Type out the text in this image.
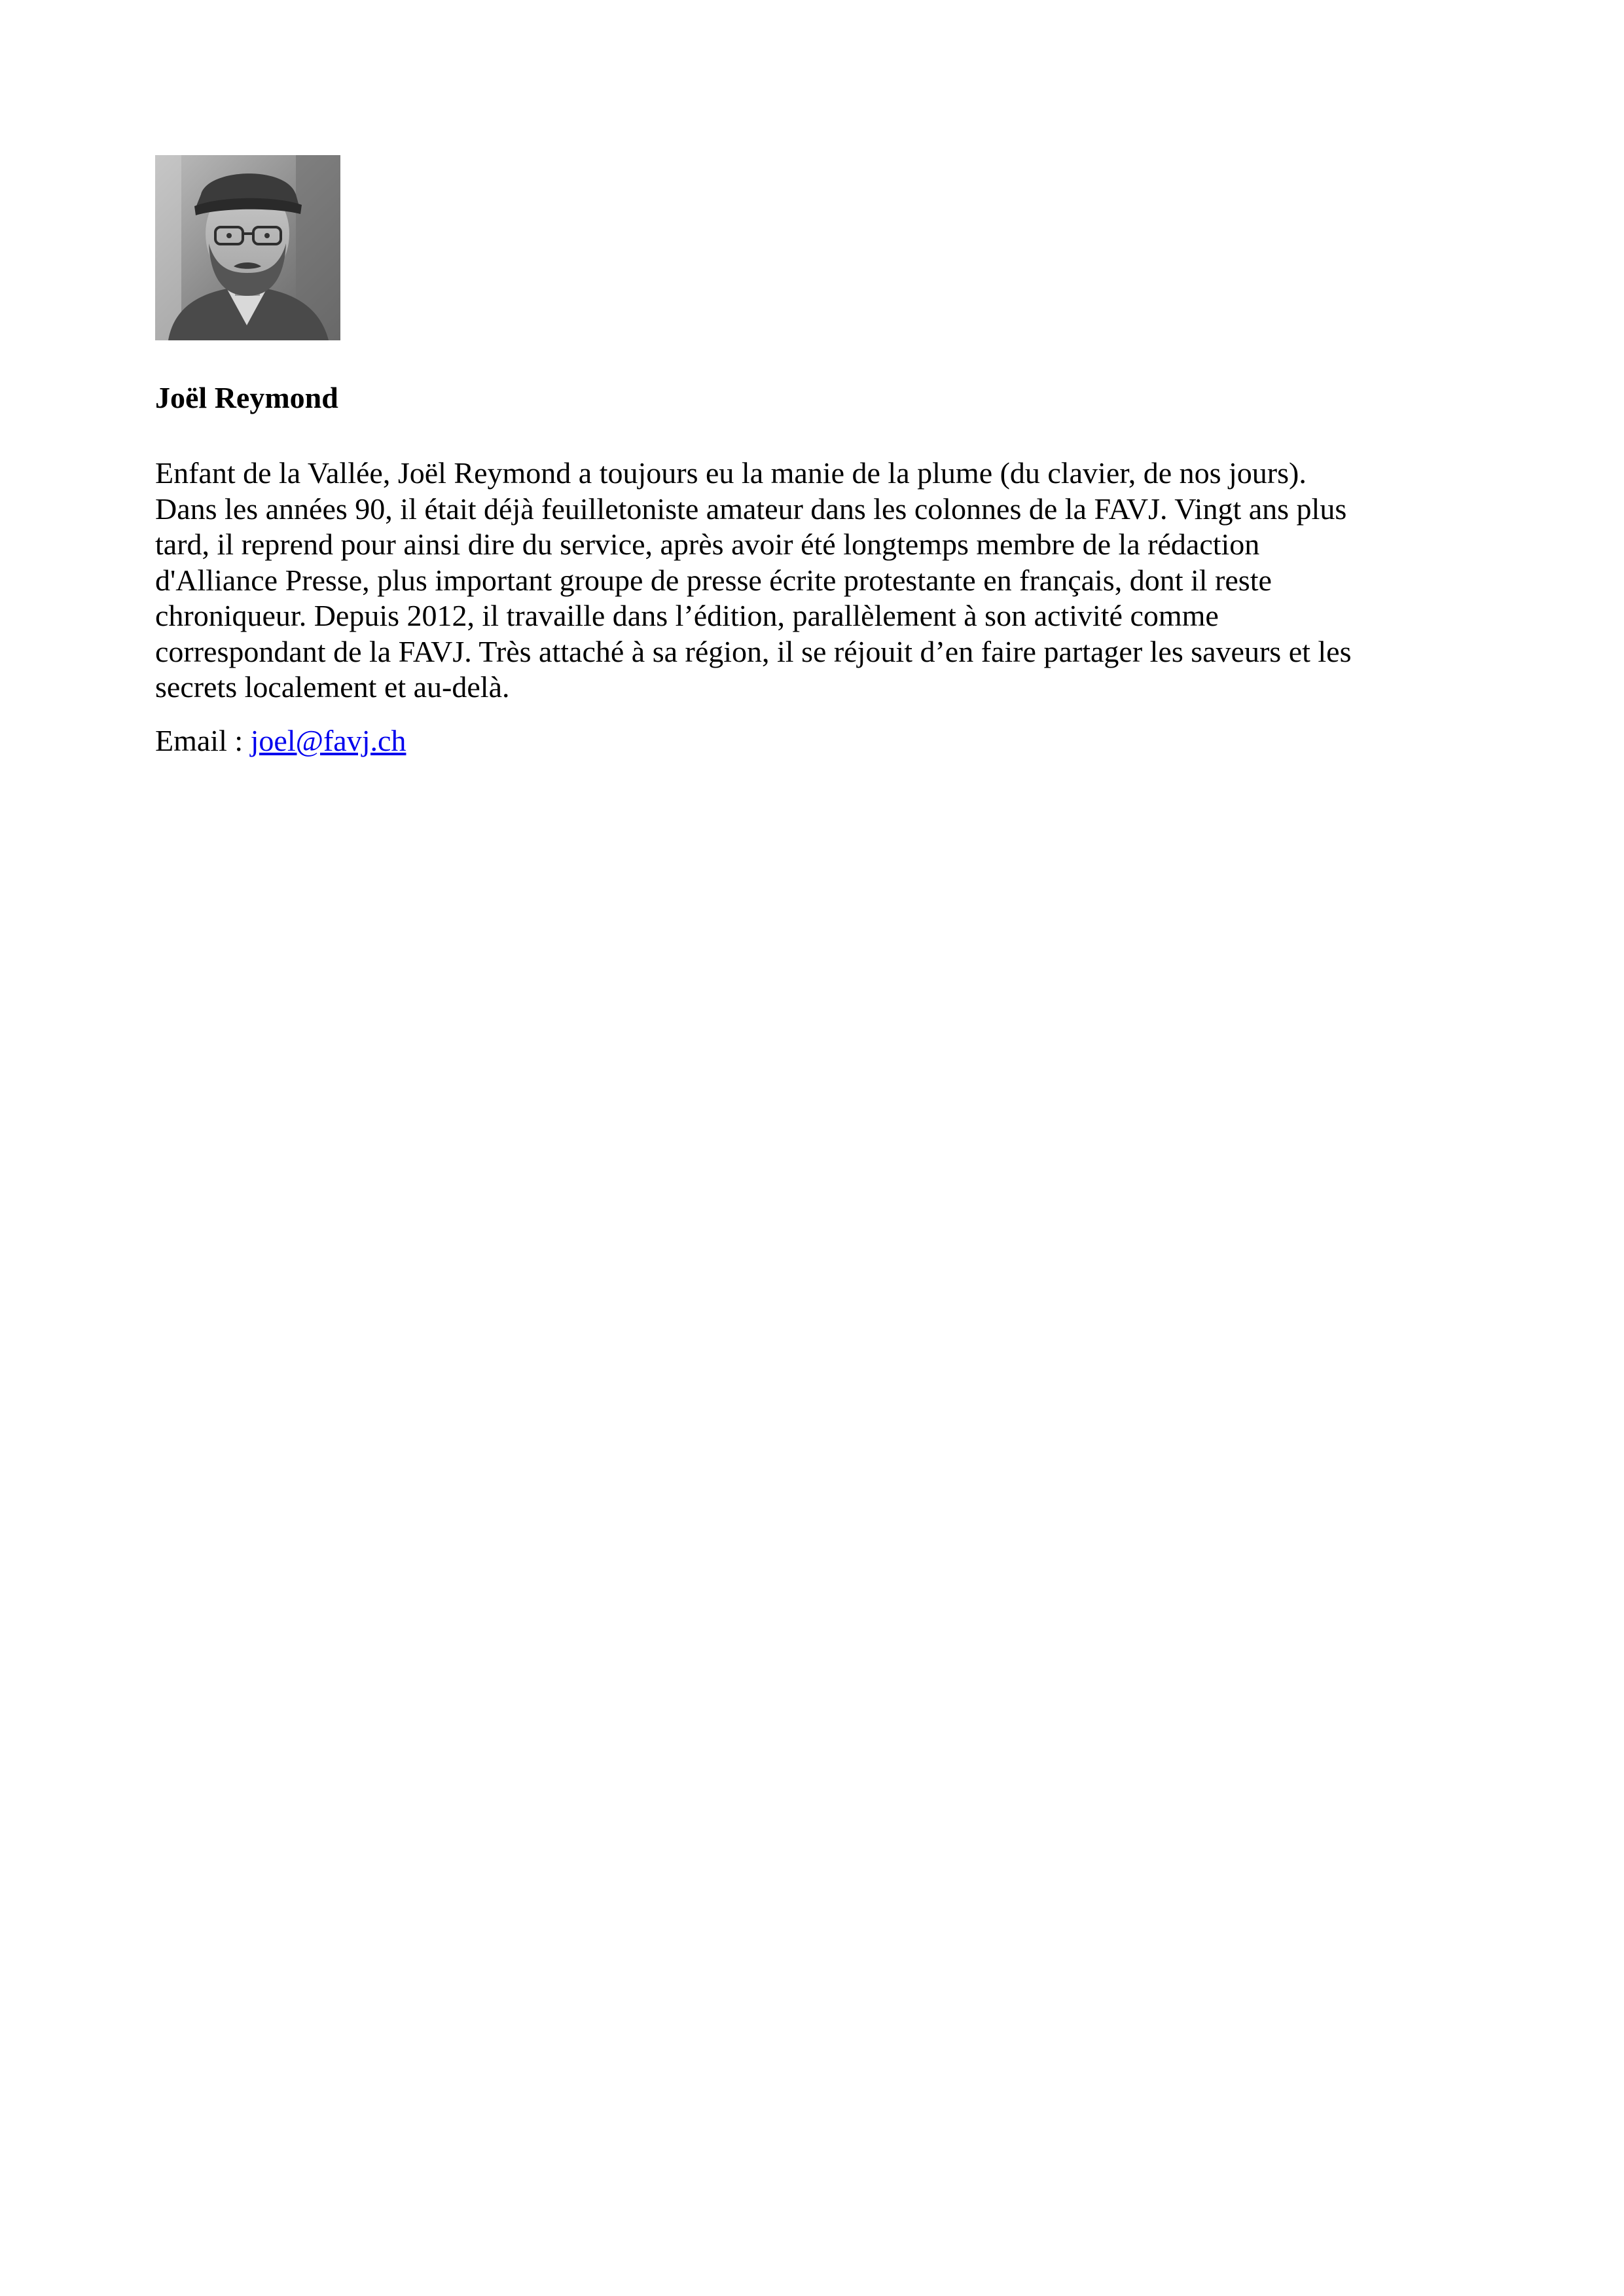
Joël Reymond

Enfant de la Vallée, Joël Reymond a toujours eu la manie de la plume (du clavier, de nos jours).
Dans les années 90, il était déjà feuilletoniste amateur dans les colonnes de la FAVJ. Vingt ans plus
tard, il reprend pour ainsi dire du service, après avoir été longtemps membre de la rédaction
d'Alliance Presse, plus important groupe de presse écrite protestante en français, dont il reste
chroniqueur. Depuis 2012, il travaille dans l’édition, parallèlement à son activité comme
correspondant de la FAVJ. Très attaché à sa région, il se réjouit d’en faire partager les saveurs et les
secrets localement et au-delà.

Email : joel@favj.ch
